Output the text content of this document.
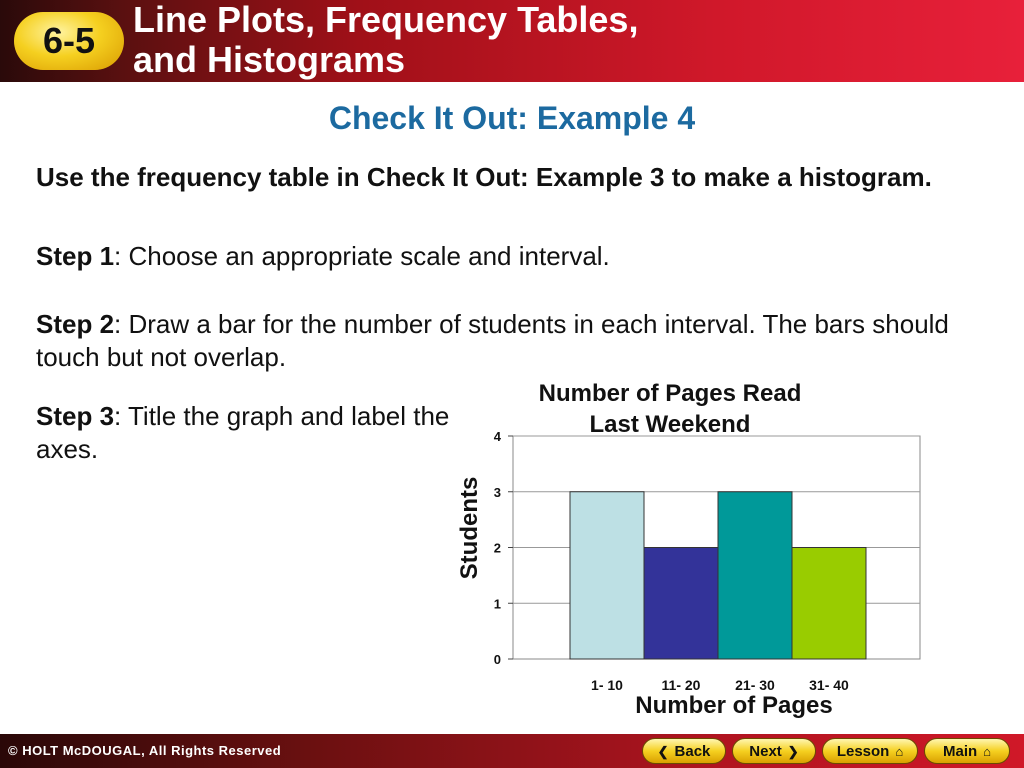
6-5
Line Plots, Frequency Tables,
and Histograms
Check It Out: Example 4
Use the frequency table in Check It Out: Example 3 to make a histogram.
Step 1: Choose an appropriate scale and interval.
Step 2: Draw a bar for the number of students in each interval. The bars should touch but not overlap.
Step 3: Title the graph and label the axes.
0
1
2
3
4
1- 10	11- 20 21- 30 31- 40
Number of Pages
Students
Number of Pages Read Last Weekend
© HOLT McDOUGAL, All Rights Reserved	❮ Back	Next ❯	Lesson ⌂	Main ⌂
